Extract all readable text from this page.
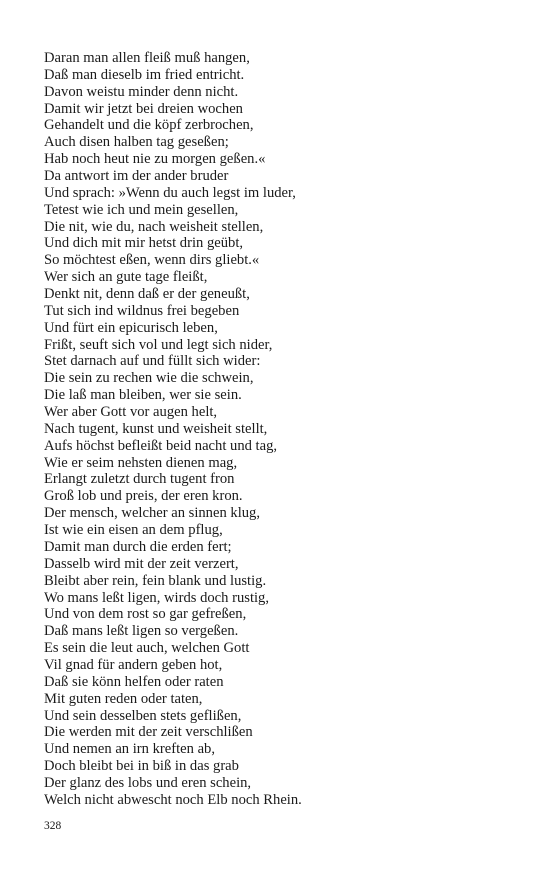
Daran man allen fleiß muß hangen,
Daß man dieselb im fried entricht.
Davon weistu minder denn nicht.
Damit wir jetzt bei dreien wochen
Gehandelt und die köpf zerbrochen,
Auch disen halben tag geseßen;
Hab noch heut nie zu morgen geßen.«
Da antwort im der ander bruder
Und sprach: »Wenn du auch legst im luder,
Tetest wie ich und mein gesellen,
Die nit, wie du, nach weisheit stellen,
Und dich mit mir hetst drin geübt,
So möchtest eßen, wenn dirs gliebt.«
Wer sich an gute tage fleißt,
Denkt nit, denn daß er der geneußt,
Tut sich ind wildnus frei begeben
Und fürt ein epicurisch leben,
Frißt, seuft sich vol und legt sich nider,
Stet darnach auf und füllt sich wider:
Die sein zu rechen wie die schwein,
Die laß man bleiben, wer sie sein.
Wer aber Gott vor augen helt,
Nach tugent, kunst und weisheit stellt,
Aufs höchst befleißt beid nacht und tag,
Wie er seim nehsten dienen mag,
Erlangt zuletzt durch tugent fron
Groß lob und preis, der eren kron.
Der mensch, welcher an sinnen klug,
Ist wie ein eisen an dem pflug,
Damit man durch die erden fert;
Dasselb wird mit der zeit verzert,
Bleibt aber rein, fein blank und lustig.
Wo mans leßt ligen, wirds doch rustig,
Und von dem rost so gar gefreßen,
Daß mans leßt ligen so vergeßen.
Es sein die leut auch, welchen Gott
Vil gnad für andern geben hot,
Daß sie könn helfen oder raten
Mit guten reden oder taten,
Und sein desselben stets geflißen,
Die werden mit der zeit verschlißen
Und nemen an irn kreften ab,
Doch bleibt bei in biß in das grab
Der glanz des lobs und eren schein,
Welch nicht abwescht noch Elb noch Rhein.
328
